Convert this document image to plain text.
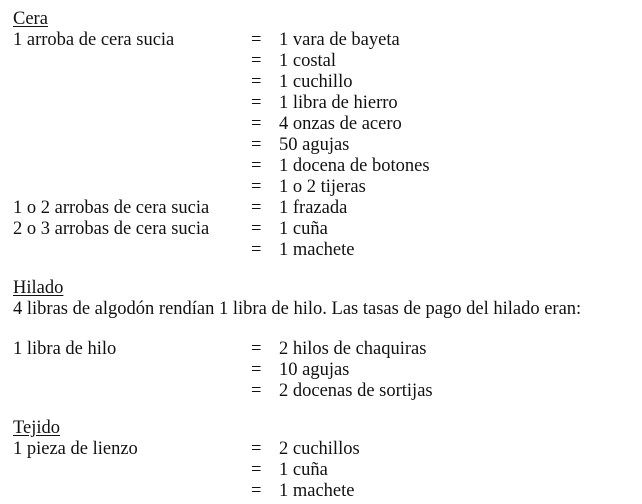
Cera
1 arroba de cera sucia	= 1 vara de bayeta
= 1 costal
= 1 cuchillo
= 1 libra de hierro
= 4 onzas de acero
= 50 agujas
= 1 docena de botones
= 1 o 2 tijeras
1 o 2 arrobas de cera sucia = 1 frazada
2 o 3 arrobas de cera sucia = 1 cuña
= 1 machete
Hilado
4 libras de algodón rendían 1 libra de hilo. Las tasas de pago del hilado eran:
1 libra de hilo	= 2 hilos de chaquiras
= 10 agujas
= 2 docenas de sortijas
Tejido
1 pieza de lienzo	= 2 cuchillos
= 1 cuña
= 1 machete
